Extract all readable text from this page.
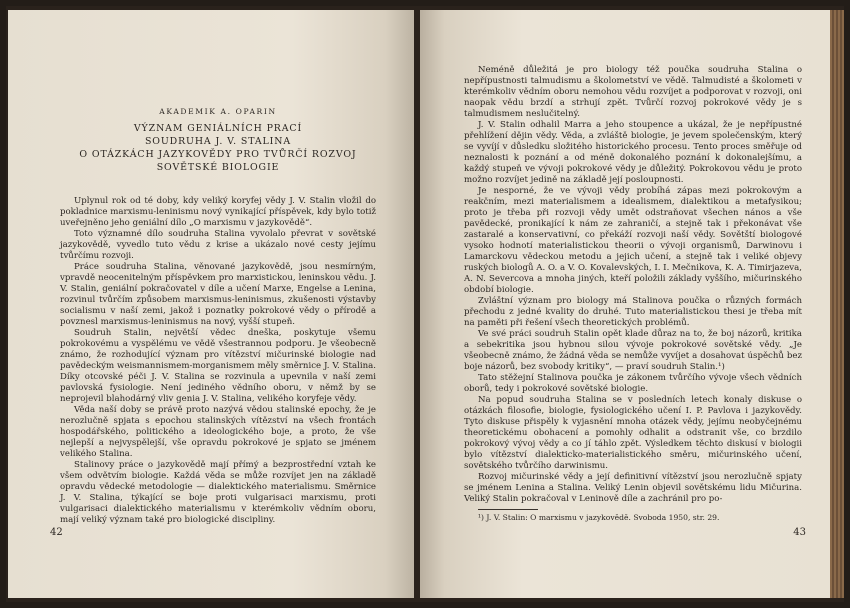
AKADEMIK A. OPARIN
VÝZNAM GENIÁLNÍCH PRACÍ
SOUDRUHA J. V. STALINA
O OTÁZKÁCH JAZYKOVĚDY PRO TVŮRČÍ ROZVOJ
SOVĚTSKÉ BIOLOGIE

Uplynul rok od té doby, kdy veliký koryfej vědy J. V. Stalin vložil do pokladnice marxismu-leninismu nový vynikající příspěvek, kdy bylo totiž uveřejněno jeho geniální dílo „O marxismu v jazykovědě“.

Toto významné dílo soudruha Stalina vyvolalo převrat v sovětské jazykovědě, vyvedlo tuto vědu z krise a ukázalo nové cesty jejímu tvůrčímu rozvoji.

Práce soudruha Stalina, věnované jazykovědě, jsou nesmírným, vpravdě neocenitelným příspěvkem pro marxistickou, leninskou vědu. J. V. Stalin, geniální pokračovatel v díle a učení Marxe, Engelse a Lenina, rozvinul tvůrčím způsobem marxismus-leninismus, zkušenosti výstavby socialismu v naší zemi, jakož i poznatky pokrokové vědy o přírodě a povznesl marxismus-leninismus na nový, vyšší stupeň.

Soudruh Stalin, největší vědec dneška, poskytuje všemu pokrokovému a vyspělému ve vědě všestrannou podporu. Je všeobecně známo, že rozhodující význam pro vítězství mičurinské biologie nad pavědeckým weismannismem-morganismem měly směrnice J. V. Stalina. Díky otcovské péči J. V. Stalina se rozvinula a upevnila v naší zemi pavlovská fysiologie. Není jediného vědního oboru, v němž by se neprojevil blahodárný vliv genia J. V. Stalina, velikého koryfeje vědy.

Věda naší doby se právě proto nazývá vědou stalinské epochy, že je nerozlučně spjata s epochou stalinských vítězství na všech frontách hospodářského, politického a ideologického boje, a proto, že vše nejlepší a nejvyspělejší, vše opravdu pokrokové je spjato se jménem velikého Stalina.

Stalinovy práce o jazykovědě mají přímý a bezprostřední vztah ke všem odvětvím biologie. Každá věda se může rozvíjet jen na základě opravdu vědecké metodologie — dialektického materialismu. Směrnice J. V. Stalina, týkající se boje proti vulgarisaci marxismu, proti vulgarisaci dialektického materialismu v kterémkoliv vědním oboru, mají veliký význam také pro biologické discipliny.

42

Neméně důležitá je pro biology též poučka soudruha Stalina o nepřípustnosti talmudismu a školometství ve vědě. Talmudisté a školometi v kterémkoliv vědním oboru nemohou vědu rozvíjet a podporovat v rozvoji, oni naopak vědu brzdí a strhují zpět. Tvůrčí rozvoj pokrokové vědy je s talmudismem neslučitelný.

J. V. Stalin odhalil Marra a jeho stoupence a ukázal, že je nepřípustné přehlížení dějin vědy. Věda, a zvláště biologie, je jevem společenským, který se vyvíjí v důsledku složitého historického procesu. Tento proces směřuje od neznalosti k poznání a od méně dokonalého poznání k dokonalejšímu, a každý stupeň ve vývoji pokrokové vědy je důležitý. Pokrokovou vědu je proto možno rozvíjet jedině na základě její posloupnosti.

Je nesporné, že ve vývoji vědy probíhá zápas mezi pokrokovým a reakčním, mezi materialismem a idealismem, dialektikou a metafysikou; proto je třeba při rozvoji vědy umět odstraňovat všechen nános a vše pavědecké, pronikající k nám ze zahraničí, a stejně tak i překonávat vše zastaralé a konservativní, co překáží rozvoji naší vědy. Sovětští biologové vysoko hodnotí materialistickou theorii o vývoji organismů, Darwinovu i Lamarckovu vědeckou metodu a jejich učení, a stejně tak i veliké objevy ruských biologů A. O. a V. O. Kovalevských, I. I. Mečnikova, K. A. Timirjazeva, A. N. Severcova a mnoha jiných, kteří položili základy vyššího, mičurinského období biologie.

Zvláštní význam pro biology má Stalinova poučka o různých formách přechodu z jedné kvality do druhé. Tuto materialistickou thesi je třeba mít na paměti při řešení všech theoretických problémů.

Ve své práci soudruh Stalin opět klade důraz na to, že boj názorů, kritika a sebekritika jsou hybnou silou vývoje pokrokové sovětské vědy. „Je všeobecně známo, že žádná věda se nemůže vyvíjet a dosahovat úspěchů bez boje názorů, bez svobody kritiky“, — praví soudruh Stalin.¹)

Tato stěžejní Stalinova poučka je zákonem tvůrčího vývoje všech vědních oborů, tedy i pokrokové sovětské biologie.

Na popud soudruha Stalina se v posledních letech konaly diskuse o otázkách filosofie, biologie, fysiologického učení I. P. Pavlova i jazykovědy. Tyto diskuse přispěly k vyjasnění mnoha otázek vědy, jejímu neobyčejnému theoretickému obohacení a pomohly odhalit a odstranit vše, co brzdilo pokrokový vývoj vědy a co jí táhlo zpět. Výsledkem těchto diskusí v biologii bylo vítězství dialekticko-materialistického směru, mičurinského učení, sovětského tvůrčího darwinismu.

Rozvoj mičurinské vědy a její definitivní vítězství jsou nerozlučně spjaty se jménem Lenina a Stalina. Veliký Lenin objevil sovětskému lidu Mičurina. Veliký Stalin pokračoval v Leninově díle a zachránil pro po-

¹) J. V. Stalin: O marxismu v jazykovědě. Svoboda 1950, str. 29.
43
